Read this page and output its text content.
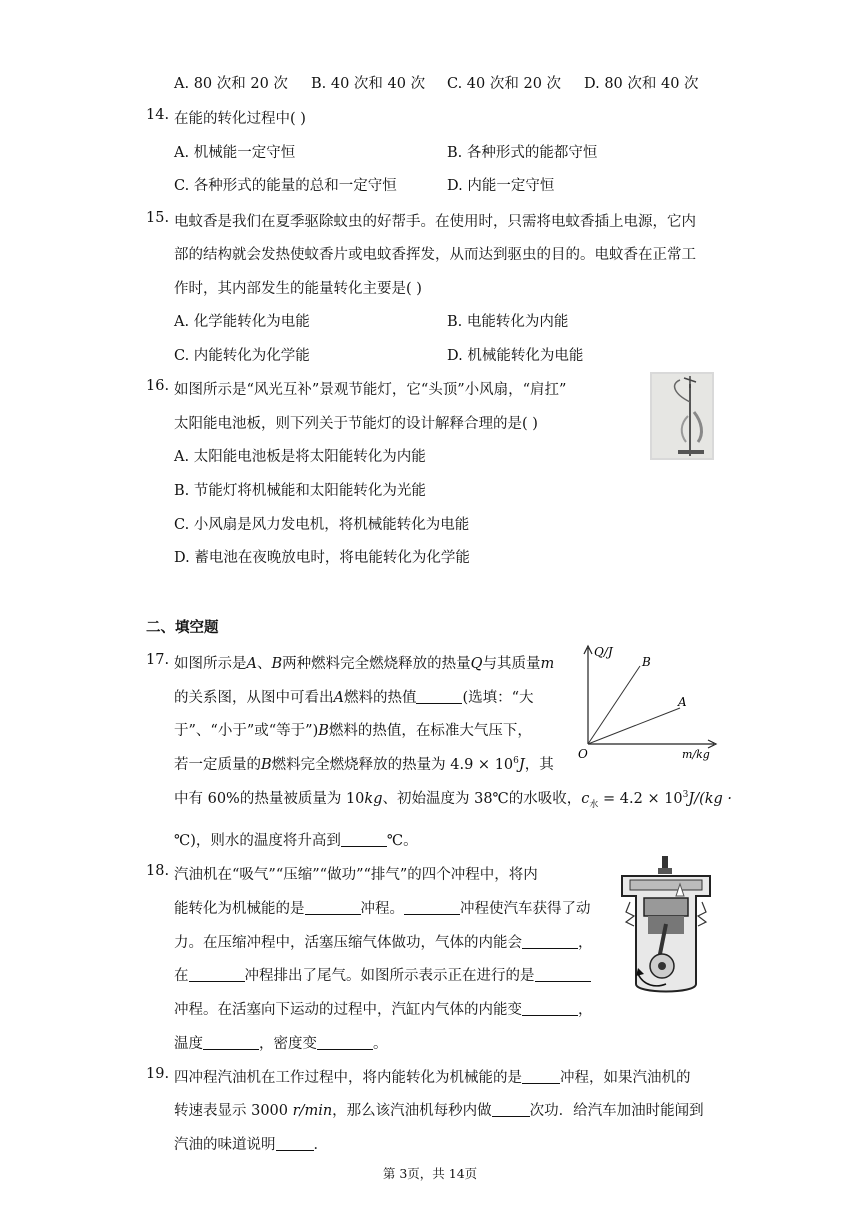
A. 80 次和 20 次 B. 40 次和 40 次 C. 40 次和 20 次 D. 80 次和 40 次
14. 在能的转化过程中( )
A. 机械能一定守恒	B. 各种形式的能都守恒
C. 各种形式的能量的总和一定守恒	D. 内能一定守恒
15. 电蚊香是我们在夏季驱除蚊虫的好帮手。在使用时，只需将电蚊香插上电源，它内
部的结构就会发热使蚊香片或电蚊香挥发，从而达到驱虫的目的。电蚊香在正常工
作时，其内部发生的能量转化主要是( )
A. 化学能转化为电能	B. 电能转化为内能
C. 内能转化为化学能	D. 机械能转化为电能
16. 如图所示是“风光互补”景观节能灯，它“头顶”小风扇，“肩扛”
太阳能电池板，则下列关于节能灯的设计解释合理的是( )
A. 太阳能电池板是将太阳能转化为内能
B. 节能灯将机械能和太阳能转化为光能
C. 小风扇是风力发电机，将机械能转化为电能
D. 蓄电池在夜晚放电时，将电能转化为化学能
二、填空题
17. 如图所示是A、B两种燃料完全燃烧释放的热量Q与其质量m
的关系图，从图中可看出A燃料的热值	(选填：“大
于”、“小于”或“等于”)B燃料的热值，在标准大气压下，
若一定质量的B燃料完全燃烧释放的热量为 $4.9 \times 10^6J$，其
中有 60%的热量被质量为 10kg、初始温度为 38℃的水吸收，$c_水 = 4.2 \times 10^3J/(kg$ ·
℃)，则水的温度将升高到	℃。
Q/J
m/kg
O
B
A
18. 汽油机在“吸气”“压缩”“做功”“排气”的四个冲程中，将内
能转化为机械能的是	冲程。	冲程使汽车获得了动
力。在压缩冲程中，活塞压缩气体做功，气体的内能会	，
在	冲程排出了尾气。如图所示表示正在进行的是
冲程。在活塞向下运动的过程中，汽缸内气体的内能变	，
温度	，密度变	。
19. 四冲程汽油机在工作过程中，将内能转化为机械能的是	冲程，如果汽油机的
转速表显示 3000 r/min，那么该汽油机每秒内做	次功．给汽车加油时能闻到
汽油的味道说明	．
第 3页，共 14页
